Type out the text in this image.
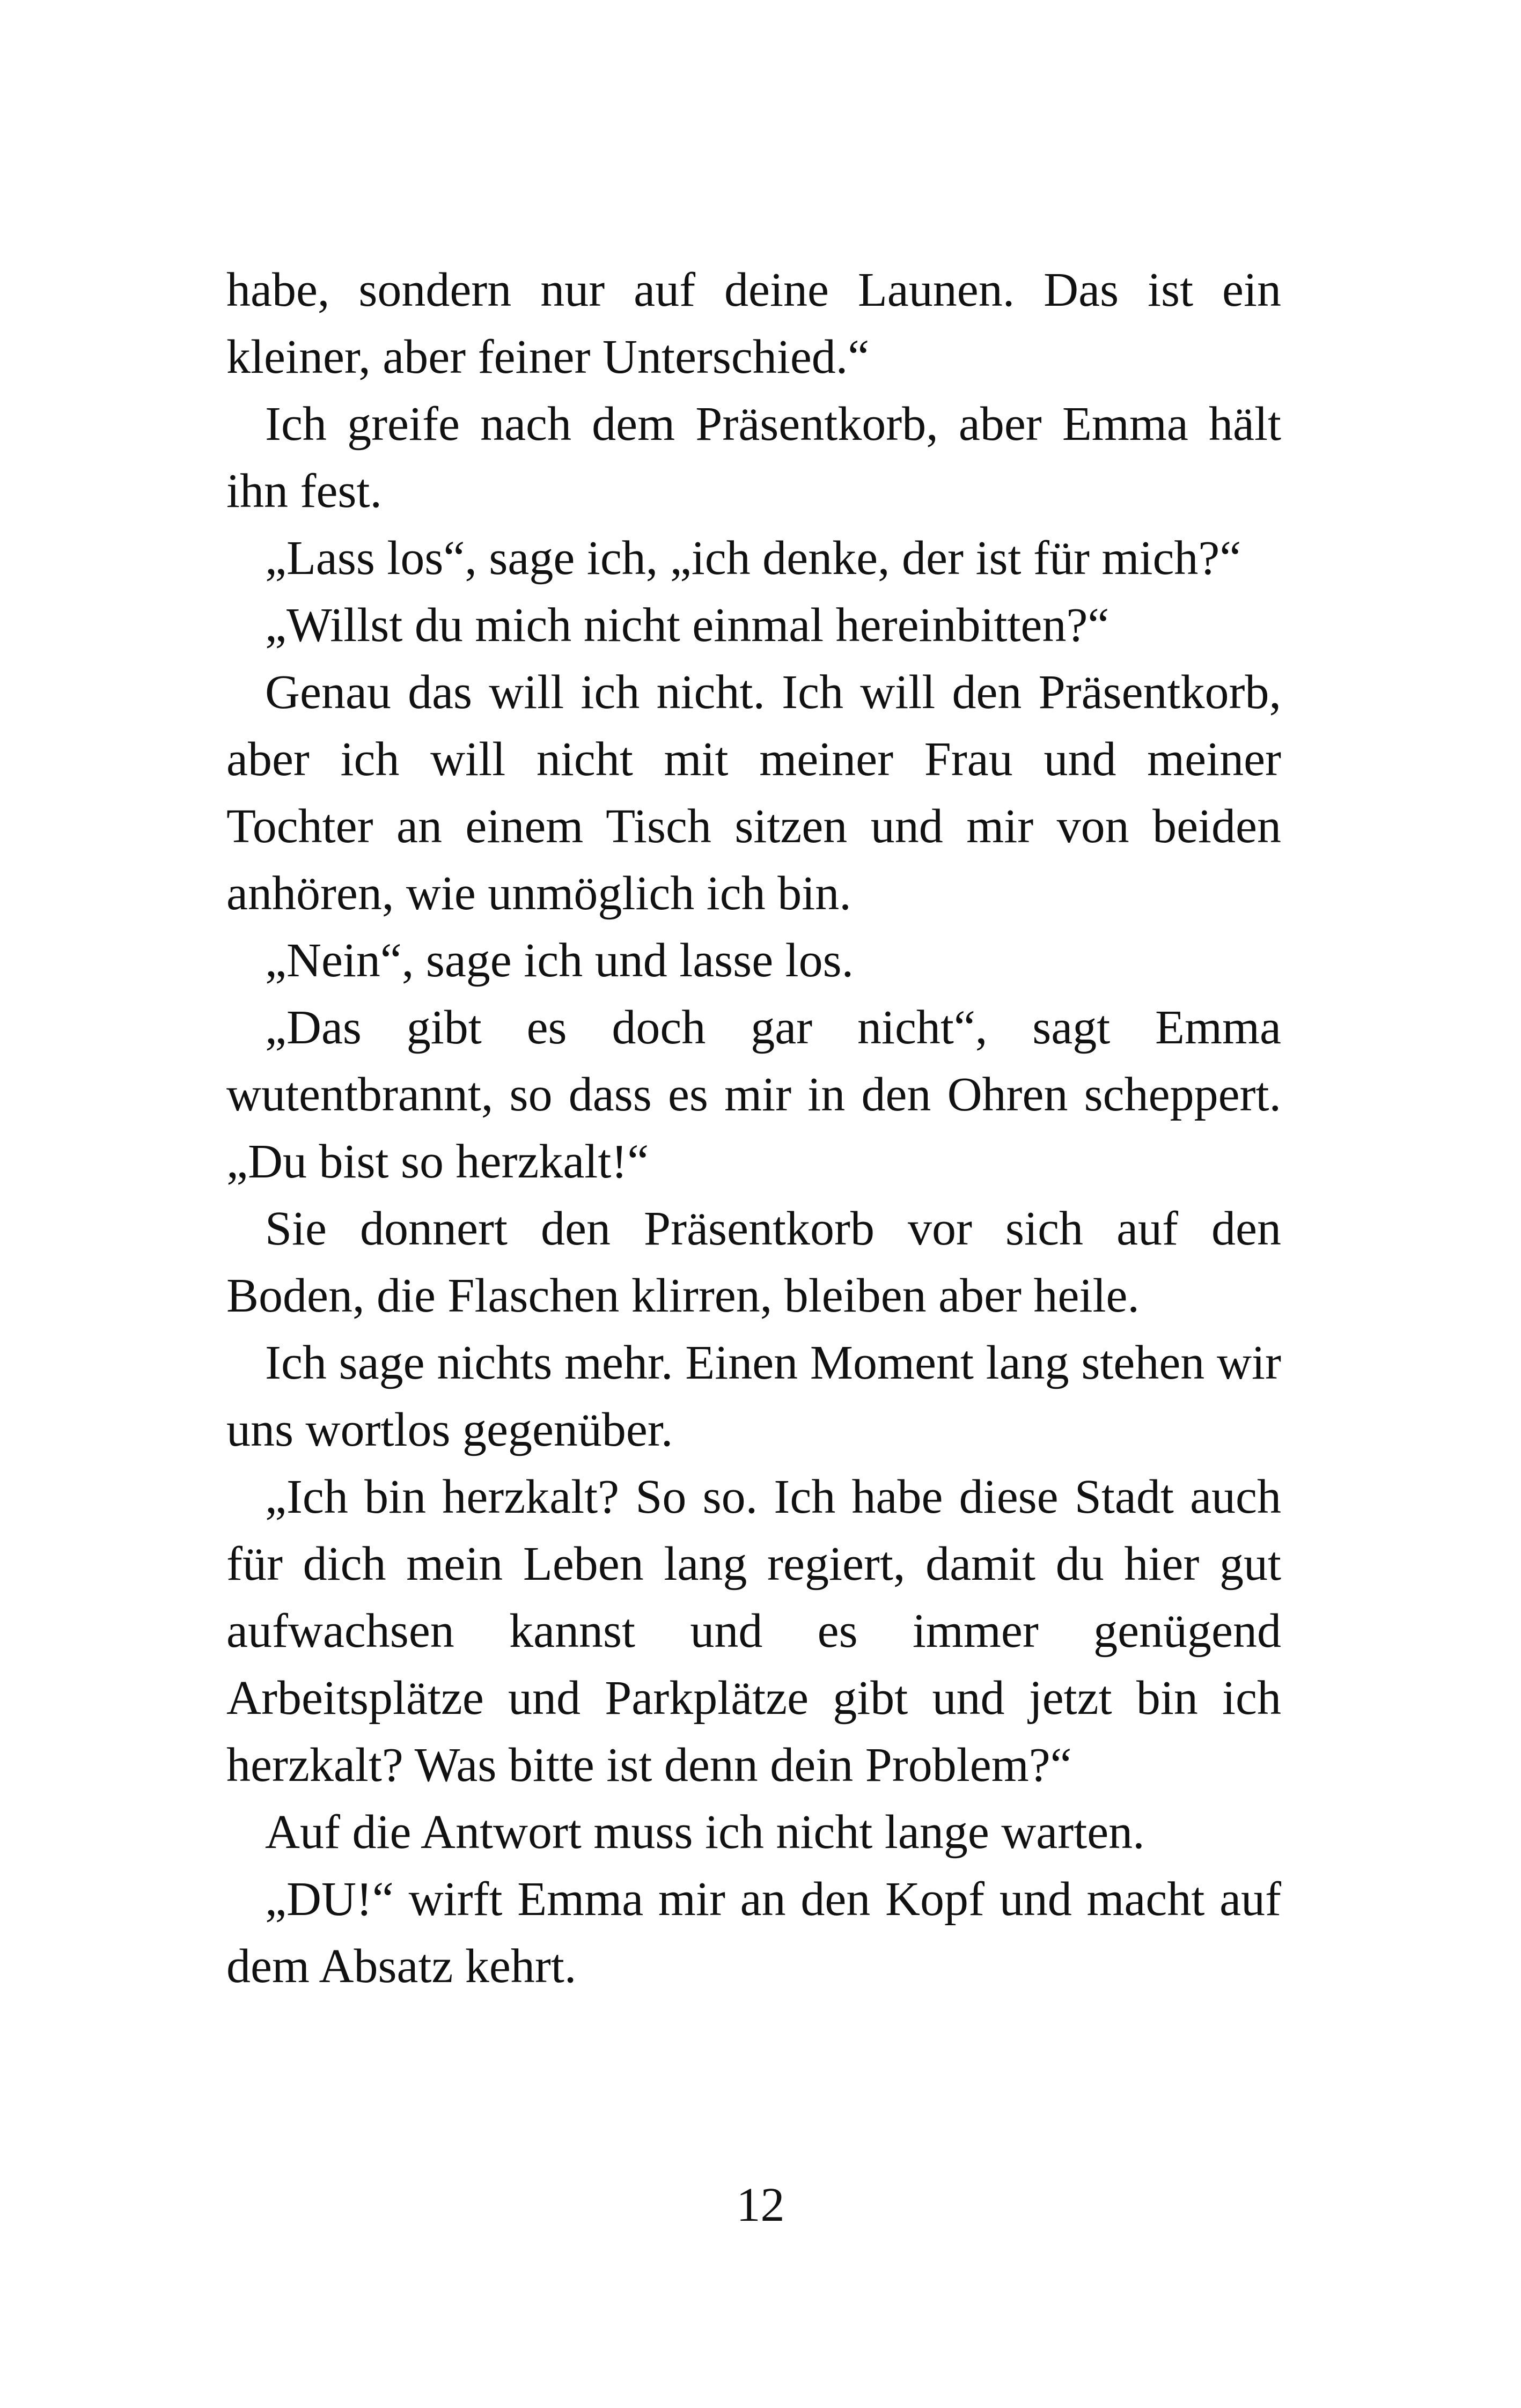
habe, sondern nur auf deine Launen. Das ist ein kleiner, aber feiner Unterschied.“

Ich greife nach dem Präsentkorb, aber Emma hält ihn fest.

„Lass los“, sage ich, „ich denke, der ist für mich?“

„Willst du mich nicht einmal hereinbitten?“

Genau das will ich nicht. Ich will den Präsentkorb, aber ich will nicht mit meiner Frau und meiner Tochter an einem Tisch sitzen und mir von beiden anhören, wie unmöglich ich bin.

„Nein“, sage ich und lasse los.

„Das gibt es doch gar nicht“, sagt Emma wutentbrannt, so dass es mir in den Ohren scheppert. „Du bist so herzkalt!“

Sie donnert den Präsentkorb vor sich auf den Boden, die Flaschen klirren, bleiben aber heile.

Ich sage nichts mehr. Einen Moment lang stehen wir uns wortlos gegenüber.

„Ich bin herzkalt? So so. Ich habe diese Stadt auch für dich mein Leben lang regiert, damit du hier gut aufwachsen kannst und es immer genügend Arbeitsplätze und Parkplätze gibt und jetzt bin ich herzkalt? Was bitte ist denn dein Problem?“

Auf die Antwort muss ich nicht lange warten.

„DU!“ wirft Emma mir an den Kopf und macht auf dem Absatz kehrt.

12
